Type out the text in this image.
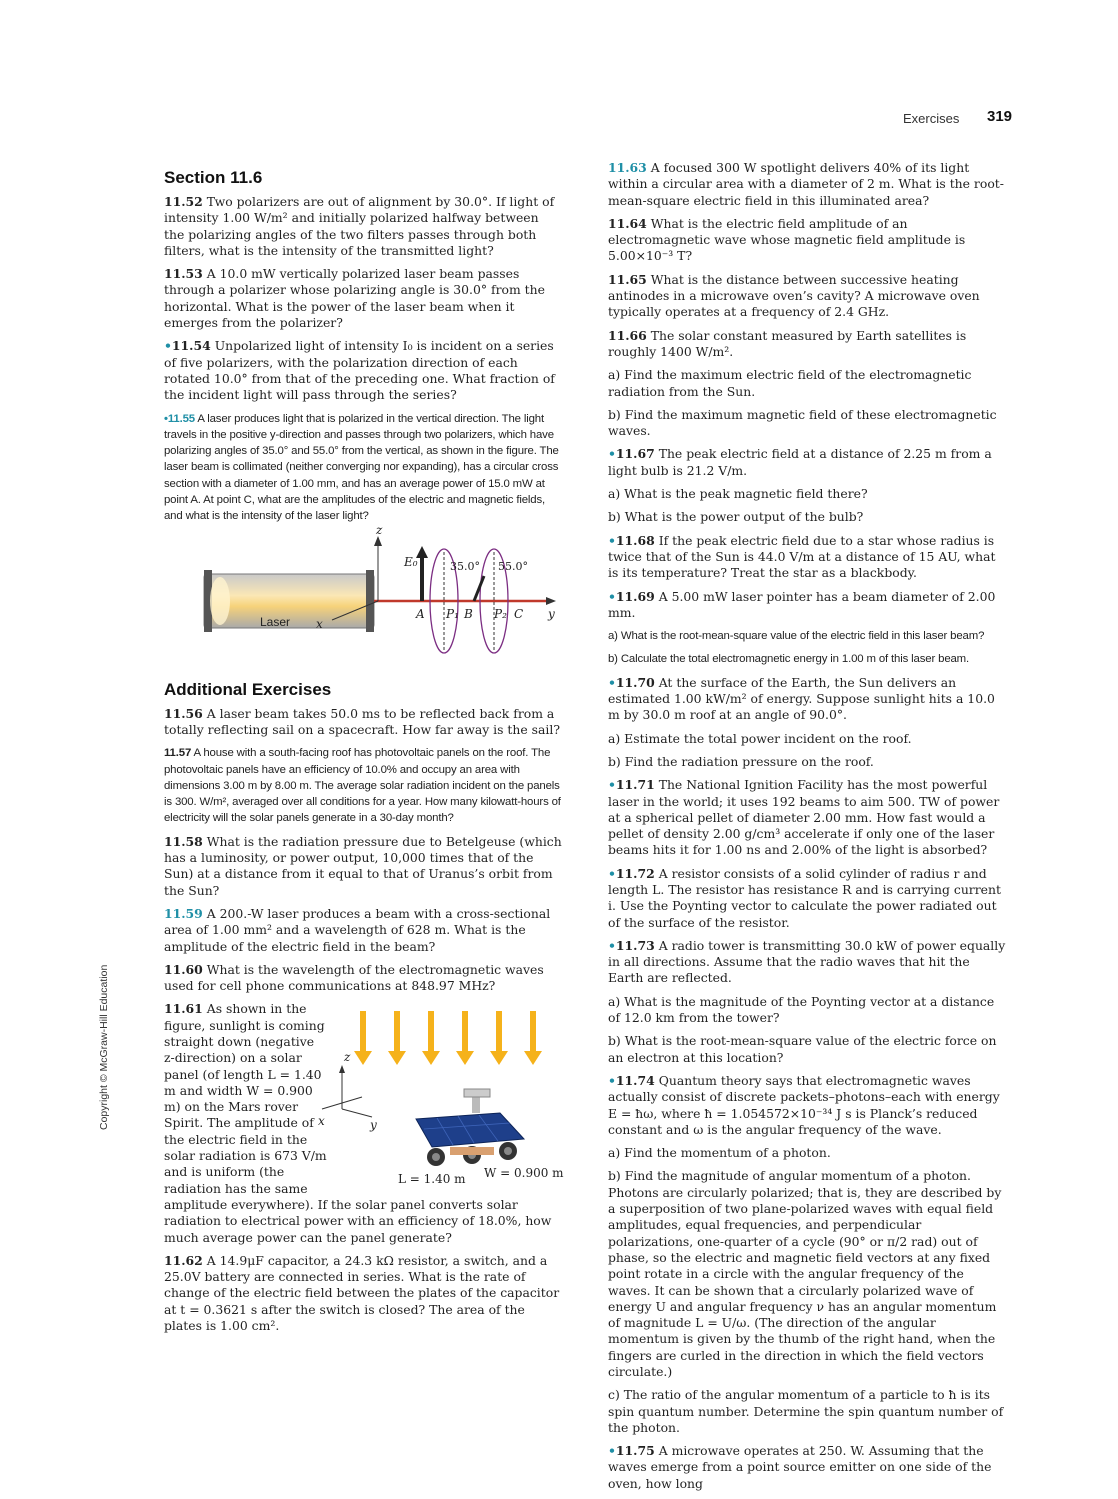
Exercises 319
Copyright © McGraw-Hill Education
Section 11.6
11.52 Two polarizers are out of alignment by 30.0°. If light of intensity 1.00 W/m² and initially polarized halfway between the polarizing angles of the two filters passes through both filters, what is the intensity of the transmitted light?
11.53 A 10.0 mW vertically polarized laser beam passes through a polarizer whose polarizing angle is 30.0° from the horizontal. What is the power of the laser beam when it emerges from the polarizer?
•11.54 Unpolarized light of intensity I₀ is incident on a series of five polarizers, with the polarization direction of each rotated 10.0° from that of the preceding one. What fraction of the incident light will pass through the series?
•11.55 A laser produces light that is polarized in the vertical direction. The light travels in the positive y-direction and passes through two polarizers, which have polarizing angles of 35.0° and 55.0° from the vertical, as shown in the figure. The laser beam is collimated (neither converging nor expanding), has a circular cross section with a diameter of 1.00 mm, and has an average power of 15.0 mW at point A. At point C, what are the amplitudes of the electric and magnetic fields, and what is the intensity of the laser light?
z
x
y
Laser
E₀	35.0° 55.0°
A P₁ B P₂ C
Additional Exercises
11.56 A laser beam takes 50.0 ms to be reflected back from a totally reflecting sail on a spacecraft. How far away is the sail?
11.57 A house with a south-facing roof has photovoltaic panels on the roof. The photovoltaic panels have an efficiency of 10.0% and occupy an area with dimensions 3.00 m by 8.00 m. The average solar radiation incident on the panels is 300. W/m², averaged over all conditions for a year. How many kilowatt-hours of electricity will the solar panels generate in a 30-day month?
11.58 What is the radiation pressure due to Betelgeuse (which has a luminosity, or power output, 10,000 times that of the Sun) at a distance from it equal to that of Uranus’s orbit from the Sun?
11.59 A 200.-W laser produces a beam with a cross-sectional area of 1.00 mm² and a wavelength of 628 m. What is the amplitude of the electric field in the beam?
11.60 What is the wavelength of the electromagnetic waves used for cell phone communications at 848.97 MHz?
z
x	y
L = 1.40 m W = 0.900 m
11.61 As shown in the figure, sunlight is coming straight down (negative z-direction) on a solar panel (of length L = 1.40 m and width W = 0.900 m) on the Mars rover Spirit. The amplitude of the electric field in the solar radiation is 673 V/m and is uniform (the radiation has the same amplitude everywhere). If the solar panel converts solar radiation to electrical power with an efficiency of 18.0%, how much average power can the panel generate?
11.62 A 14.9μF capacitor, a 24.3 kΩ resistor, a switch, and a 25.0V battery are connected in series. What is the rate of change of the electric field between the plates of the capacitor at t = 0.3621 s after the switch is closed? The area of the plates is 1.00 cm².
11.63 A focused 300 W spotlight delivers 40% of its light within a circular area with a diameter of 2 m. What is the root-mean-square electric field in this illuminated area?
11.64 What is the electric field amplitude of an electromagnetic wave whose magnetic field amplitude is 5.00×10⁻³ T?
11.65 What is the distance between successive heating antinodes in a microwave oven’s cavity? A microwave oven typically operates at a frequency of 2.4 GHz.
11.66 The solar constant measured by Earth satellites is roughly 1400 W/m².
a) Find the maximum electric field of the electromagnetic radiation from the Sun.
b) Find the maximum magnetic field of these electromagnetic waves.
•11.67 The peak electric field at a distance of 2.25 m from a light bulb is 21.2 V/m.
a) What is the peak magnetic field there?
b) What is the power output of the bulb?
•11.68 If the peak electric field due to a star whose radius is twice that of the Sun is 44.0 V/m at a distance of 15 AU, what is its temperature? Treat the star as a blackbody.
•11.69 A 5.00 mW laser pointer has a beam diameter of 2.00 mm.
a) What is the root-mean-square value of the electric field in this laser beam?
b) Calculate the total electromagnetic energy in 1.00 m of this laser beam.
•11.70 At the surface of the Earth, the Sun delivers an estimated 1.00 kW/m² of energy. Suppose sunlight hits a 10.0 m by 30.0 m roof at an angle of 90.0°.
a) Estimate the total power incident on the roof.
b) Find the radiation pressure on the roof.
•11.71 The National Ignition Facility has the most powerful laser in the world; it uses 192 beams to aim 500. TW of power at a spherical pellet of diameter 2.00 mm. How fast would a pellet of density 2.00 g/cm³ accelerate if only one of the laser beams hits it for 1.00 ns and 2.00% of the light is absorbed?
•11.72 A resistor consists of a solid cylinder of radius r and length L. The resistor has resistance R and is carrying current i. Use the Poynting vector to calculate the power radiated out of the surface of the resistor.
•11.73 A radio tower is transmitting 30.0 kW of power equally in all directions. Assume that the radio waves that hit the Earth are reflected.
a) What is the magnitude of the Poynting vector at a distance of 12.0 km from the tower?
b) What is the root-mean-square value of the electric force on an electron at this location?
•11.74 Quantum theory says that electromagnetic waves actually consist of discrete packets–photons–each with energy E = ħω, where ħ = 1.054572×10⁻³⁴ J s is Planck’s reduced constant and ω is the angular frequency of the wave.
a) Find the momentum of a photon.
b) Find the magnitude of angular momentum of a photon. Photons are circularly polarized; that is, they are described by a superposition of two plane-polarized waves with equal field amplitudes, equal frequencies, and perpendicular polarizations, one-quarter of a cycle (90° or π/2 rad) out of phase, so the electric and magnetic field vectors at any fixed point rotate in a circle with the angular frequency of the waves. It can be shown that a circularly polarized wave of energy U and angular frequency ν has an angular momentum of magnitude L = U/ω. (The direction of the angular momentum is given by the thumb of the right hand, when the fingers are curled in the direction in which the field vectors circulate.)
c) The ratio of the angular momentum of a particle to ħ is its spin quantum number. Determine the spin quantum number of the photon.
•11.75 A microwave operates at 250. W. Assuming that the waves emerge from a point source emitter on one side of the oven, how long
